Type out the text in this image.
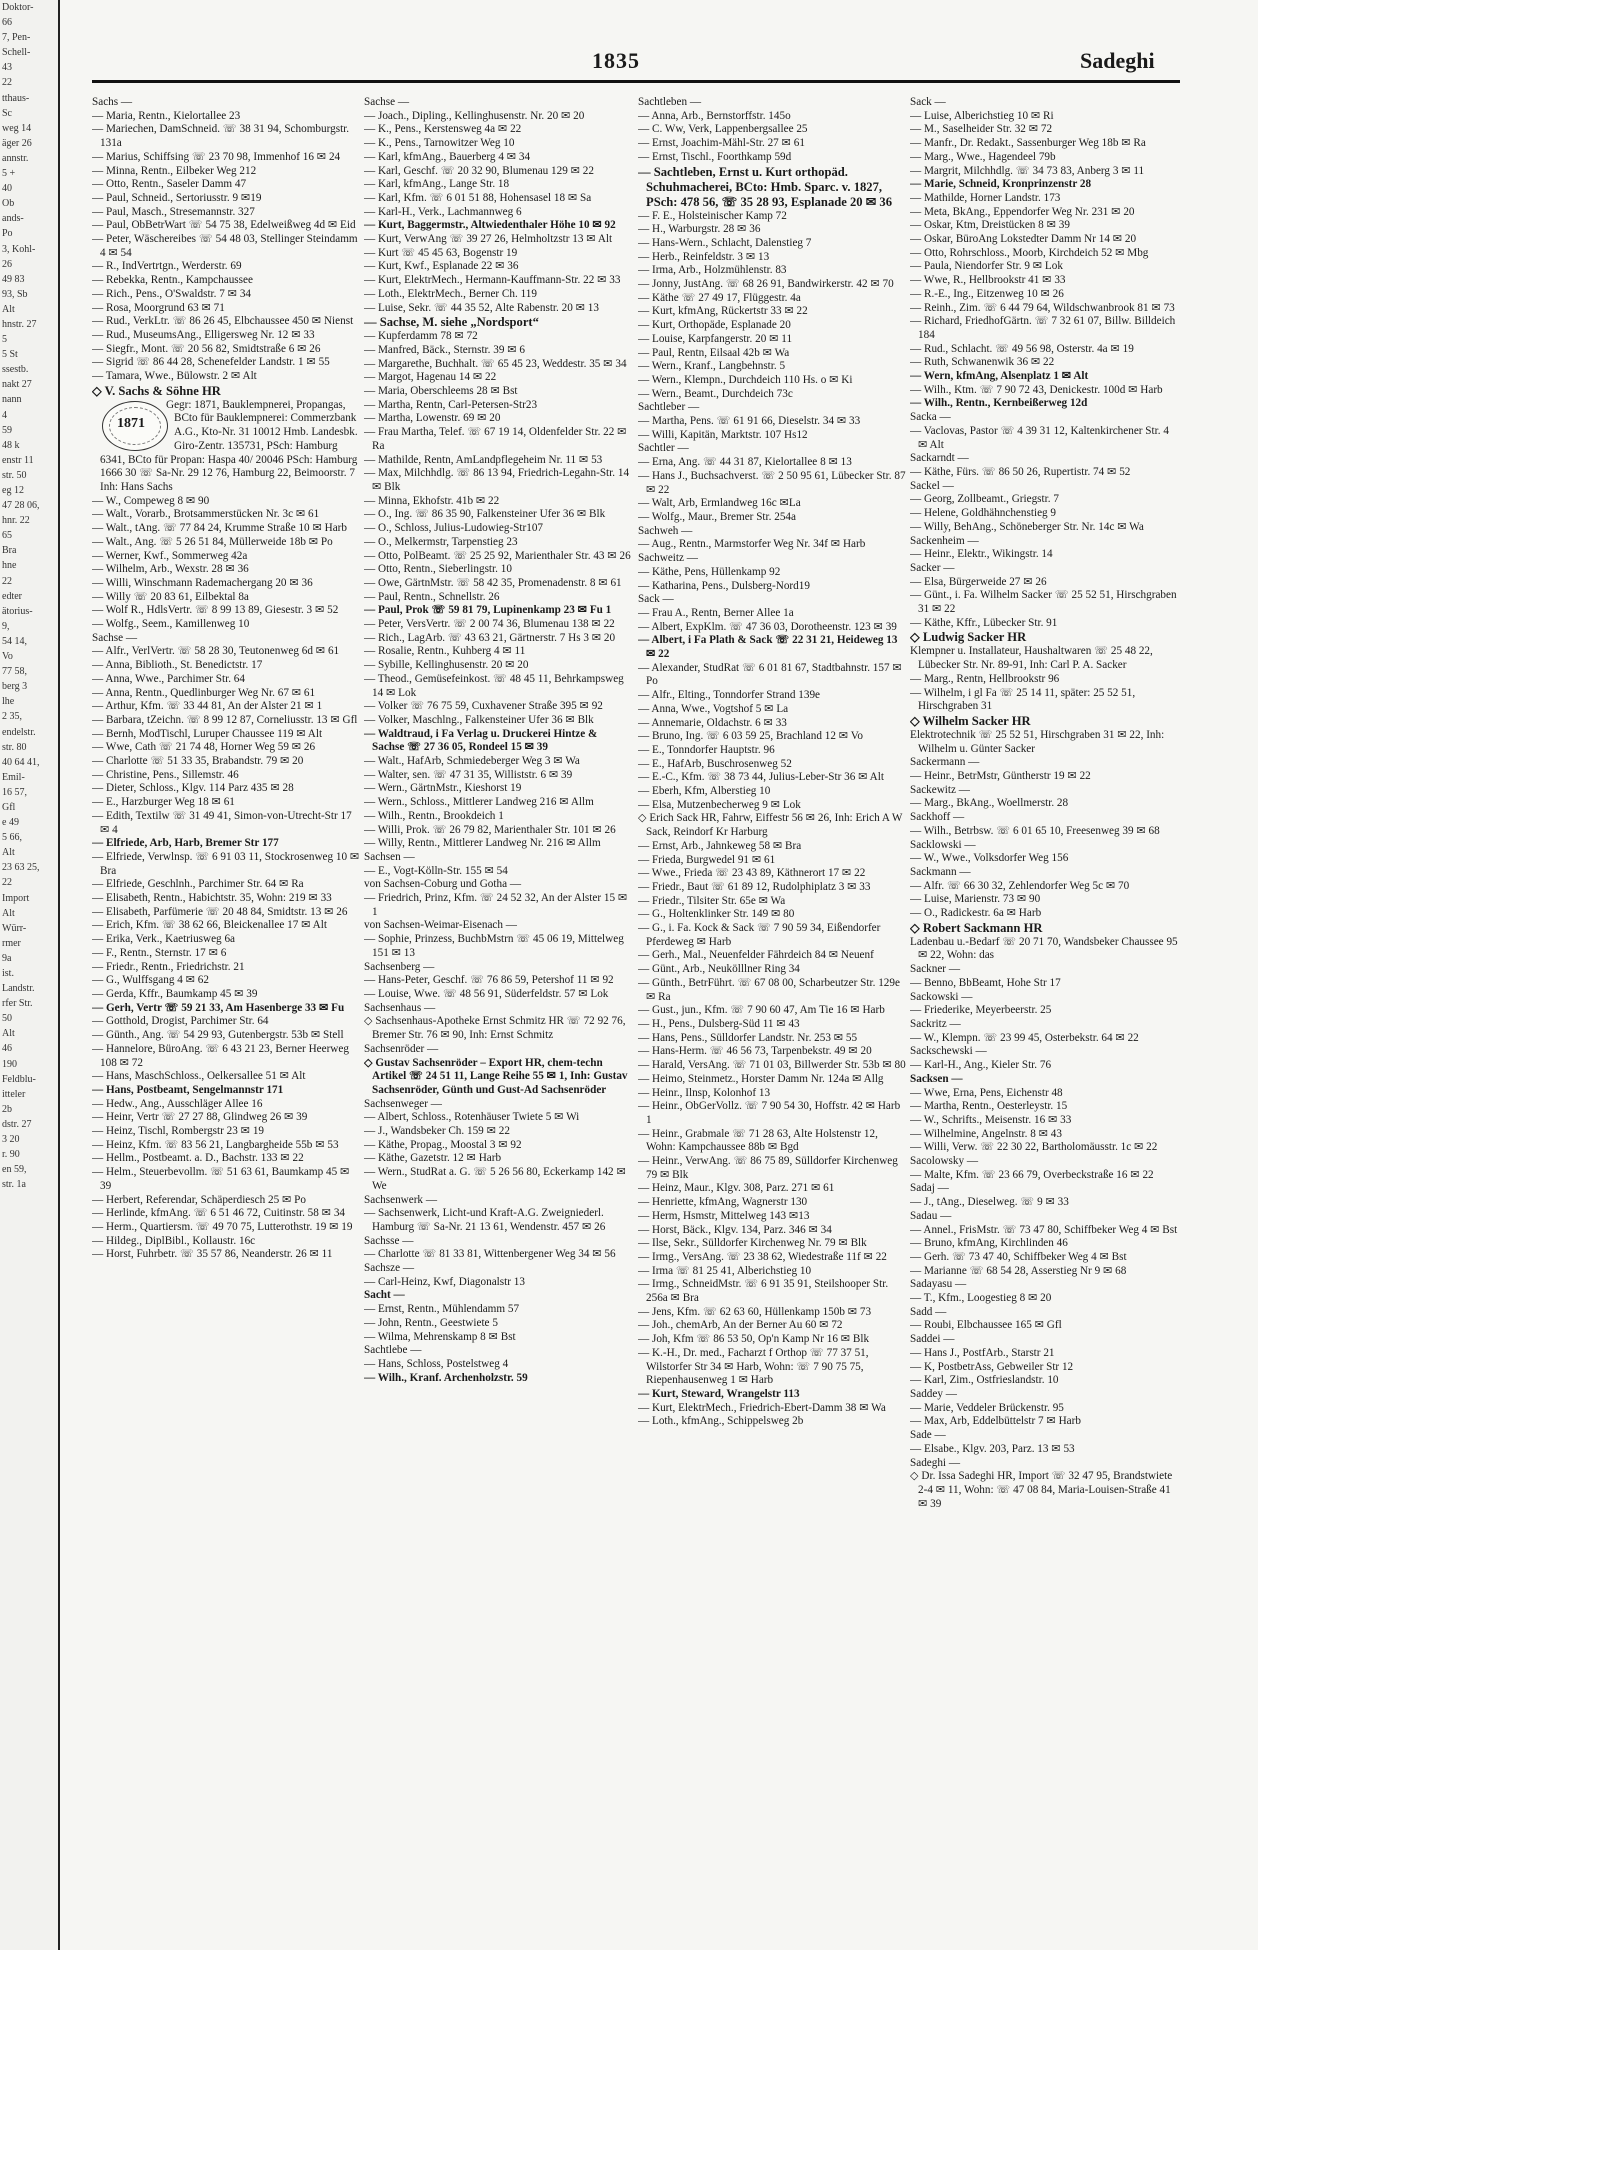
Doktor-
66
7, Pen-
Schell-
43
22
tthaus-
Sc
weg 14
äger 26
annstr.
5 +
40
Ob
ands-
Po
3, Kohl-
26
49 83
93, Sb
Alt
hnstr. 27
5
5 St
ssestb.
nakt 27
nann
4
59
48 k
enstr 11
str. 50
eg 12
47 28 06,
hnr. 22
65
Bra
hne
22
edter
ätorius-
9,
54 14,
Vo
77 58,
berg 3
lhe
2 35,
endelstr.
str. 80
40 64 41,
Emil-
16 57,
Gfl
e 49
5 66,
Alt
23 63 25,
22
Import
Alt
Würr-
rmer
9a
ist.
Landstr.
rfer Str.
50
Alt
46
190
Feldblu-
itteler
2b
dstr. 27
3 20
r. 90
en 59,
str. 1a
1835	Sadeghi
Sachs —
— Maria, Rentn., Kielortallee 23
— Mariechen, DamSchneid. ☏ 38 31 94, Schomburgstr. 131a
— Marius, Schiffsing ☏ 23 70 98, Immenhof 16 ✉ 24
— Minna, Rentn., Eilbeker Weg 212
— Otto, Rentn., Saseler Damm 47
— Paul, Schneid., Sertoriusstr. 9 ✉19
— Paul, Masch., Stresemannstr. 327
— Paul, ObBetrWart ☏ 54 75 38, Edelweißweg 4d ✉ Eid
— Peter, Wäschereibes ☏ 54 48 03, Stellinger Steindamm 4 ✉ 54
— R., IndVertrtgn., Werderstr. 69
— Rebekka, Rentn., Kampchaussee
— Rich., Pens., O'Swaldstr. 7 ✉ 34
— Rosa, Moorgrund 63 ✉ 71
— Rud., VerkLtr. ☏ 86 26 45, Elbchaussee 450 ✉ Nienst
— Rud., MuseumsAng., Elligersweg Nr. 12 ✉ 33
— Siegfr., Mont. ☏ 20 56 82, Smidtstraße 6 ✉ 26
— Sigrid ☏ 86 44 28, Schenefelder Landstr. 1 ✉ 55
— Tamara, Wwe., Bülowstr. 2 ✉ Alt
◇ V. Sachs & Söhne HR
1871
Gegr: 1871, Bauklempnerei, Propangas, BCto für Bauklempnerei: Commerzbank A.G., Kto-Nr. 31 10012 Hmb. Landesbk. Giro-Zentr. 135731, PSch: Hamburg 6341, BCto für Propan: Haspa 40/ 20046 PSch: Hamburg 1666 30 ☏ Sa-Nr. 29 12 76, Hamburg 22, Beimoorstr. 7 Inh: Hans Sachs
— W., Compeweg 8 ✉ 90
— Walt., Vorarb., Brotsammerstücken Nr. 3c ✉ 61
— Walt., tAng. ☏ 77 84 24, Krumme Straße 10 ✉ Harb
— Walt., Ang. ☏ 5 26 51 84, Müllerweide 18b ✉ Po
— Werner, Kwf., Sommerweg 42a
— Wilhelm, Arb., Wexstr. 28 ✉ 36
— Willi, Winschmann Rademachergang 20 ✉ 36
— Willy ☏ 20 83 61, Eilbektal 8a
— Wolf R., HdlsVertr. ☏ 8 99 13 89, Giesestr. 3 ✉ 52
— Wolfg., Seem., Kamillenweg 10
Sachse —
— Alfr., VerlVertr. ☏ 58 28 30, Teutonenweg 6d ✉ 61
— Anna, Biblioth., St. Benedictstr. 17
— Anna, Wwe., Parchimer Str. 64
— Anna, Rentn., Quedlinburger Weg Nr. 67 ✉ 61
— Arthur, Kfm. ☏ 33 44 81, An der Alster 21 ✉ 1
— Barbara, tZeichn. ☏ 8 99 12 87, Corneliusstr. 13 ✉ Gfl
— Bernh, ModTischl, Luruper Chaussee 119 ✉ Alt
— Wwe, Cath ☏ 21 74 48, Horner Weg 59 ✉ 26
— Charlotte ☏ 51 33 35, Brabandstr. 79 ✉ 20
— Christine, Pens., Sillemstr. 46
— Dieter, Schloss., Klgv. 114 Parz 435 ✉ 28
— E., Harzburger Weg 18 ✉ 61
— Edith, Textilw ☏ 31 49 41, Simon-von-Utrecht-Str 17 ✉ 4
— Elfriede, Arb, Harb, Bremer Str 177
— Elfriede, Verwlnsp. ☏ 6 91 03 11, Stockrosenweg 10 ✉ Bra
— Elfriede, Geschlnh., Parchimer Str. 64 ✉ Ra
— Elisabeth, Rentn., Habichtstr. 35, Wohn: 219 ✉ 33
— Elisabeth, Parfümerie ☏ 20 48 84, Smidtstr. 13 ✉ 26
— Erich, Kfm. ☏ 38 62 66, Bleickenallee 17 ✉ Alt
— Erika, Verk., Kaetriusweg 6a
— F., Rentn., Sternstr. 17 ✉ 6
— Friedr., Rentn., Friedrichstr. 21
— G., Wulffsgang 4 ✉ 62
— Gerda, Kffr., Baumkamp 45 ✉ 39
— Gerh, Vertr ☏ 59 21 33, Am Hasenberge 33 ✉ Fu
— Gotthold, Drogist, Parchimer Str. 64
— Günth., Ang. ☏ 54 29 93, Gutenbergstr. 53b ✉ Stell
— Hannelore, BüroAng. ☏ 6 43 21 23, Berner Heerweg 108 ✉ 72
— Hans, MaschSchloss., Oelkersallee 51 ✉ Alt
— Hans, Postbeamt, Sengelmannstr 171
— Hedw., Ang., Ausschläger Allee 16
— Heinr, Vertr ☏ 27 27 88, Glindweg 26 ✉ 39
— Heinz, Tischl, Rombergstr 23 ✉ 19
— Heinz, Kfm. ☏ 83 56 21, Langbargheide 55b ✉ 53
— Hellm., Postbeamt. a. D., Bachstr. 133 ✉ 22
— Helm., Steuerbevollm. ☏ 51 63 61, Baumkamp 45 ✉ 39
— Herbert, Referendar, Schäperdiesch 25 ✉ Po
— Herlinde, kfmAng. ☏ 6 51 46 72, Cuitinstr. 58 ✉ 34
— Herm., Quartiersm. ☏ 49 70 75, Lutterothstr. 19 ✉ 19
— Hildeg., DiplBibl., Kollaustr. 16c
— Horst, Fuhrbetr. ☏ 35 57 86, Neanderstr. 26 ✉ 11
Sachse —
— Joach., Dipling., Kellinghusenstr. Nr. 20 ✉ 20
— K., Pens., Kerstensweg 4a ✉ 22
— K., Pens., Tarnowitzer Weg 10
— Karl, kfmAng., Bauerberg 4 ✉ 34
— Karl, Geschf. ☏ 20 32 90, Blumenau 129 ✉ 22
— Karl, kfmAng., Lange Str. 18
— Karl, Kfm. ☏ 6 01 51 88, Hohensasel 18 ✉ Sa
— Karl-H., Verk., Lachmannweg 6
— Kurt, Baggermstr., Altwiedenthaler Höhe 10 ✉ 92
— Kurt, VerwAng ☏ 39 27 26, Helmholtzstr 13 ✉ Alt
— Kurt ☏ 45 45 63, Bogenstr 19
— Kurt, Kwf., Esplanade 22 ✉ 36
— Kurt, ElektrMech., Hermann-Kauffmann-Str. 22 ✉ 33
— Loth., ElektrMech., Berner Ch. 119
— Luise, Sekr. ☏ 44 35 52, Alte Rabenstr. 20 ✉ 13
— Sachse, M. siehe „Nordsport“
— Kupferdamm 78 ✉ 72
— Manfred, Bäck., Sternstr. 39 ✉ 6
— Margarethe, Buchhalt. ☏ 65 45 23, Weddestr. 35 ✉ 34
— Margot, Hagenau 14 ✉ 22
— Maria, Oberschleems 28 ✉ Bst
— Martha, Rentn, Carl-Petersen-Str23
— Martha, Lowenstr. 69 ✉ 20
— Frau Martha, Telef. ☏ 67 19 14, Oldenfelder Str. 22 ✉ Ra
— Mathilde, Rentn, AmLandpflegeheim Nr. 11 ✉ 53
— Max, Milchhdlg. ☏ 86 13 94, Friedrich-Legahn-Str. 14 ✉ Blk
— Minna, Ekhofstr. 41b ✉ 22
— O., Ing. ☏ 86 35 90, Falkensteiner Ufer 36 ✉ Blk
— O., Schloss, Julius-Ludowieg-Str107
— O., Melkermstr, Tarpenstieg 23
— Otto, PolBeamt. ☏ 25 25 92, Marienthaler Str. 43 ✉ 26
— Otto, Rentn., Sieberlingstr. 10
— Owe, GärtnMstr. ☏ 58 42 35, Promenadenstr. 8 ✉ 61
— Paul, Rentn., Schnellstr. 26
— Paul, Prok ☏ 59 81 79, Lupinenkamp 23 ✉ Fu 1
— Peter, VersVertr. ☏ 2 00 74 36, Blumenau 138 ✉ 22
— Rich., LagArb. ☏ 43 63 21, Gärtnerstr. 7 Hs 3 ✉ 20
— Rosalie, Rentn., Kuhberg 4 ✉ 11
— Sybille, Kellinghusenstr. 20 ✉ 20
— Theod., Gemüsefeinkost. ☏ 48 45 11, Behrkampsweg 14 ✉ Lok
— Volker ☏ 76 75 59, Cuxhavener Straße 395 ✉ 92
— Volker, Maschlng., Falkensteiner Ufer 36 ✉ Blk
— Waldtraud, i Fa Verlag u. Druckerei Hintze & Sachse ☏ 27 36 05, Rondeel 15 ✉ 39
— Walt., HafArb, Schmiedeberger Weg 3 ✉ Wa
— Walter, sen. ☏ 47 31 35, Williststr. 6 ✉ 39
— Wern., GärtnMstr., Kieshorst 19
— Wern., Schloss., Mittlerer Landweg 216 ✉ Allm
— Wilh., Rentn., Brookdeich 1
— Willi, Prok. ☏ 26 79 82, Marienthaler Str. 101 ✉ 26
— Willy, Rentn., Mittlerer Landweg Nr. 216 ✉ Allm
Sachsen —
— E., Vogt-Kölln-Str. 155 ✉ 54
von Sachsen-Coburg und Gotha —
— Friedrich, Prinz, Kfm. ☏ 24 52 32, An der Alster 15 ✉ 1
von Sachsen-Weimar-Eisenach —
— Sophie, Prinzess, BuchbMstrn ☏ 45 06 19, Mittelweg 151 ✉ 13
Sachsenberg —
— Hans-Peter, Geschf. ☏ 76 86 59, Petershof 11 ✉ 92
— Louise, Wwe. ☏ 48 56 91, Süderfeldstr. 57 ✉ Lok
Sachsenhaus —
◇ Sachsenhaus-Apotheke Ernst Schmitz HR ☏ 72 92 76, Bremer Str. 76 ✉ 90, Inh: Ernst Schmitz
Sachsenröder —
◇ Gustav Sachsenröder – Export HR, chem-techn Artikel ☏ 24 51 11, Lange Reihe 55 ✉ 1, Inh: Gustav Sachsenröder, Günth und Gust-Ad Sachsenröder
Sachsenweger —
— Albert, Schloss., Rotenhäuser Twiete 5 ✉ Wi
— J., Wandsbeker Ch. 159 ✉ 22
— Käthe, Propag., Moostal 3 ✉ 92
— Käthe, Gazetstr. 12 ✉ Harb
— Wern., StudRat a. G. ☏ 5 26 56 80, Eckerkamp 142 ✉ We
Sachsenwerk —
— Sachsenwerk, Licht-und Kraft-A.G. Zweigniederl. Hamburg ☏ Sa-Nr. 21 13 61, Wendenstr. 457 ✉ 26
Sachsse —
— Charlotte ☏ 81 33 81, Wittenbergener Weg 34 ✉ 56
Sachsze —
— Carl-Heinz, Kwf, Diagonalstr 13
Sacht —
— Ernst, Rentn., Mühlendamm 57
— John, Rentn., Geestwiete 5
— Wilma, Mehrenskamp 8 ✉ Bst
Sachtlebe —
— Hans, Schloss, Postelstweg 4
— Wilh., Kranf. Archenholzstr. 59
Sachtleben —
— Anna, Arb., Bernstorffstr. 145o
— C. Ww, Verk, Lappenbergsallee 25
— Ernst, Joachim-Mähl-Str. 27 ✉ 61
— Ernst, Tischl., Foorthkamp 59d
— Sachtleben, Ernst u. Kurt orthopäd. Schuhmacherei, BCto: Hmb. Sparc. v. 1827, PSch: 478 56, ☏ 35 28 93, Esplanade 20 ✉ 36
— F. E., Holsteinischer Kamp 72
— H., Warburgstr. 28 ✉ 36
— Hans-Wern., Schlacht, Dalenstieg 7
— Herb., Reinfeldstr. 3 ✉ 13
— Irma, Arb., Holzmühlenstr. 83
— Jonny, JustAng. ☏ 68 26 91, Bandwirkerstr. 42 ✉ 70
— Käthe ☏ 27 49 17, Flüggestr. 4a
— Kurt, kfmAng, Rückertstr 33 ✉ 22
— Kurt, Orthopäde, Esplanade 20
— Louise, Karpfangerstr. 20 ✉ 11
— Paul, Rentn, Eilsaal 42b ✉ Wa
— Wern., Kranf., Langbehnstr. 5
— Wern., Klempn., Durchdeich 110 Hs. o ✉ Ki
— Wern., Beamt., Durchdeich 73c
Sachtleber —
— Martha, Pens. ☏ 61 91 66, Dieselstr. 34 ✉ 33
— Willi, Kapitän, Marktstr. 107 Hs12
Sachtler —
— Erna, Ang. ☏ 44 31 87, Kielortallee 8 ✉ 13
— Hans J., Buchsachverst. ☏ 2 50 95 61, Lübecker Str. 87 ✉ 22
— Walt, Arb, Ermlandweg 16c ✉La
— Wolfg., Maur., Bremer Str. 254a
Sachweh —
— Aug., Rentn., Marmstorfer Weg Nr. 34f ✉ Harb
Sachweitz —
— Käthe, Pens, Hüllenkamp 92
— Katharina, Pens., Dulsberg-Nord19
Sack —
— Frau A., Rentn, Berner Allee 1a
— Albert, ExpKlm. ☏ 47 36 03, Dorotheenstr. 123 ✉ 39
— Albert, i Fa Plath & Sack ☏ 22 31 21, Heideweg 13 ✉ 22
— Alexander, StudRat ☏ 6 01 81 67, Stadtbahnstr. 157 ✉ Po
— Alfr., Elting., Tonndorfer Strand 139e
— Anna, Wwe., Vogtshof 5 ✉ La
— Annemarie, Oldachstr. 6 ✉ 33
— Bruno, Ing. ☏ 6 03 59 25, Brachland 12 ✉ Vo
— E., Tonndorfer Hauptstr. 96
— E., HafArb, Buschrosenweg 52
— E.-C., Kfm. ☏ 38 73 44, Julius-Leber-Str 36 ✉ Alt
— Eberh, Kfm, Alberstieg 10
— Elsa, Mutzenbecherweg 9 ✉ Lok
◇ Erich Sack HR, Fahrw, Eiffestr 56 ✉ 26, Inh: Erich A W Sack, Reindorf Kr Harburg
— Ernst, Arb., Jahnkeweg 58 ✉ Bra
— Frieda, Burgwedel 91 ✉ 61
— Wwe., Frieda ☏ 23 43 89, Käthnerort 17 ✉ 22
— Friedr., Baut ☏ 61 89 12, Rudolphiplatz 3 ✉ 33
— Friedr., Tilsiter Str. 65e ✉ Wa
— G., Holtenklinker Str. 149 ✉ 80
— G., i. Fa. Kock & Sack ☏ 7 90 59 34, Eißendorfer Pferdeweg ✉ Harb
— Gerh., Mal., Neuenfelder Fährdeich 84 ✉ Neuenf
— Günt., Arb., Neukölllner Ring 34
— Günth., BetrFührt. ☏ 67 08 00, Scharbeutzer Str. 129e ✉ Ra
— Gust., jun., Kfm. ☏ 7 90 60 47, Am Tie 16 ✉ Harb
— H., Pens., Dulsberg-Süd 11 ✉ 43
— Hans, Pens., Sülldorfer Landstr. Nr. 253 ✉ 55
— Hans-Herm. ☏ 46 56 73, Tarpenbekstr. 49 ✉ 20
— Harald, VersAng. ☏ 71 01 03, Billwerder Str. 53b ✉ 80
— Heimo, Steinmetz., Horster Damm Nr. 124a ✉ Allg
— Heinr., Ilnsp, Kolonhof 13
— Heinr., ObGerVollz. ☏ 7 90 54 30, Hoffstr. 42 ✉ Harb 1
— Heinr., Grabmale ☏ 71 28 63, Alte Holstenstr 12, Wohn: Kampchaussee 88b ✉ Bgd
— Heinr., VerwAng. ☏ 86 75 89, Sülldorfer Kirchenweg 79 ✉ Blk
— Heinz, Maur., Klgv. 308, Parz. 271 ✉ 61
— Henriette, kfmAng, Wagnerstr 130
— Herm, Hsmstr, Mittelweg 143 ✉13
— Horst, Bäck., Klgv. 134, Parz. 346 ✉ 34
— Ilse, Sekr., Sülldorfer Kirchenweg Nr. 79 ✉ Blk
— Irmg., VersAng. ☏ 23 38 62, Wiedestraße 11f ✉ 22
— Irma ☏ 81 25 41, Alberichstieg 10
— Irmg., SchneidMstr. ☏ 6 91 35 91, Steilshooper Str. 256a ✉ Bra
— Jens, Kfm. ☏ 62 63 60, Hüllenkamp 150b ✉ 73
— Joh., chemArb, An der Berner Au 60 ✉ 72
— Joh, Kfm ☏ 86 53 50, Op'n Kamp Nr 16 ✉ Blk
— K.-H., Dr. med., Facharzt f Orthop ☏ 77 37 51, Wilstorfer Str 34 ✉ Harb, Wohn: ☏ 7 90 75 75, Riepenhausenweg 1 ✉ Harb
— Kurt, Steward, Wrangelstr 113
— Kurt, ElektrMech., Friedrich-Ebert-Damm 38 ✉ Wa
— Loth., kfmAng., Schippelsweg 2b
Sack —
— Luise, Alberichstieg 10 ✉ Ri
— M., Saselheider Str. 32 ✉ 72
— Manfr., Dr. Redakt., Sassenburger Weg 18b ✉ Ra
— Marg., Wwe., Hagendeel 79b
— Margrit, Milchhdlg. ☏ 34 73 83, Anberg 3 ✉ 11
— Marie, Schneid, Kronprinzenstr 28
— Mathilde, Horner Landstr. 173
— Meta, BkAng., Eppendorfer Weg Nr. 231 ✉ 20
— Oskar, Ktm, Dreistücken 8 ✉ 39
— Oskar, BüroAng Lokstedter Damm Nr 14 ✉ 20
— Otto, Rohrschloss., Moorb, Kirchdeich 52 ✉ Mbg
— Paula, Niendorfer Str. 9 ✉ Lok
— Wwe, R., Hellbrookstr 41 ✉ 33
— R.-E., Ing., Eitzenweg 10 ✉ 26
— Reinh., Zim. ☏ 6 44 79 64, Wildschwanbrook 81 ✉ 73
— Richard, FriedhofGärtn. ☏ 7 32 61 07, Billw. Billdeich 184
— Rud., Schlacht. ☏ 49 56 98, Osterstr. 4a ✉ 19
— Ruth, Schwanenwik 36 ✉ 22
— Wern, kfmAng, Alsenplatz 1 ✉ Alt
— Wilh., Ktm. ☏ 7 90 72 43, Denickestr. 100d ✉ Harb
— Wilh., Rentn., Kernbeißerweg 12d
Sacka —
— Vaclovas, Pastor ☏ 4 39 31 12, Kaltenkirchener Str. 4 ✉ Alt
Sackarndt —
— Käthe, Fürs. ☏ 86 50 26, Rupertistr. 74 ✉ 52
Sackel —
— Georg, Zollbeamt., Griegstr. 7
— Helene, Goldhähnchenstieg 9
— Willy, BehAng., Schöneberger Str. Nr. 14c ✉ Wa
Sackenheim —
— Heinr., Elektr., Wikingstr. 14
Sacker —
— Elsa, Bürgerweide 27 ✉ 26
— Günt., i. Fa. Wilhelm Sacker ☏ 25 52 51, Hirschgraben 31 ✉ 22
— Käthe, Kffr., Lübecker Str. 91
◇ Ludwig Sacker HR
Klempner u. Installateur, Haushaltwaren ☏ 25 48 22, Lübecker Str. Nr. 89-91, Inh: Carl P. A. Sacker
— Marg., Rentn, Hellbrookstr 96
— Wilhelm, i gl Fa ☏ 25 14 11, später: 25 52 51, Hirschgraben 31
◇ Wilhelm Sacker HR
Elektrotechnik ☏ 25 52 51, Hirschgraben 31 ✉ 22, Inh: Wilhelm u. Günter Sacker
Sackermann —
— Heinr., BetrMstr, Güntherstr 19 ✉ 22
Sackewitz —
— Marg., BkAng., Woellmerstr. 28
Sackhoff —
— Wilh., Betrbsw. ☏ 6 01 65 10, Freesenweg 39 ✉ 68
Sacklowski —
— W., Wwe., Volksdorfer Weg 156
Sackmann —
— Alfr. ☏ 66 30 32, Zehlendorfer Weg 5c ✉ 70
— Luise, Marienstr. 73 ✉ 90
— O., Radickestr. 6a ✉ Harb
◇ Robert Sackmann HR
Ladenbau u.-Bedarf ☏ 20 71 70, Wandsbeker Chaussee 95 ✉ 22, Wohn: das
Sackner —
— Benno, BbBeamt, Hohe Str 17
Sackowski —
— Friederike, Meyerbeerstr. 25
Sackritz —
— W., Klempn. ☏ 23 99 45, Osterbekstr. 64 ✉ 22
Sackschewski —
— Karl-H., Ang., Kieler Str. 76
Sacksen —
— Wwe, Erna, Pens, Eichenstr 48
— Martha, Rentn., Oesterleystr. 15
— W., Schrifts., Meisenstr. 16 ✉ 33
— Wilhelmine, Angelnstr. 8 ✉ 43
— Willi, Verw. ☏ 22 30 22, Bartholomäusstr. 1c ✉ 22
Sacolowsky —
— Malte, Kfm. ☏ 23 66 79, Overbeckstraße 16 ✉ 22
Sadaj —
— J., tAng., Dieselweg. ☏ 9 ✉ 33
Sadau —
— Annel., FrisMstr. ☏ 73 47 80, Schiffbeker Weg 4 ✉ Bst
— Bruno, kfmAng, Kirchlinden 46
— Gerh. ☏ 73 47 40, Schiffbeker Weg 4 ✉ Bst
— Marianne ☏ 68 54 28, Asserstieg Nr 9 ✉ 68
Sadayasu —
— T., Kfm., Loogestieg 8 ✉ 20
Sadd —
— Roubi, Elbchaussee 165 ✉ Gfl
Saddei —
— Hans J., PostfArb., Starstr 21
— K, PostbetrAss, Gebweiler Str 12
— Karl, Zim., Ostfrieslandstr. 10
Saddey —
— Marie, Veddeler Brückenstr. 95
— Max, Arb, Eddelbüttelstr 7 ✉ Harb
Sade —
— Elsabe., Klgv. 203, Parz. 13 ✉ 53
Sadeghi —
◇ Dr. Issa Sadeghi HR, Import ☏ 32 47 95, Brandstwiete 2-4 ✉ 11, Wohn: ☏ 47 08 84, Maria-Louisen-Straße 41 ✉ 39
